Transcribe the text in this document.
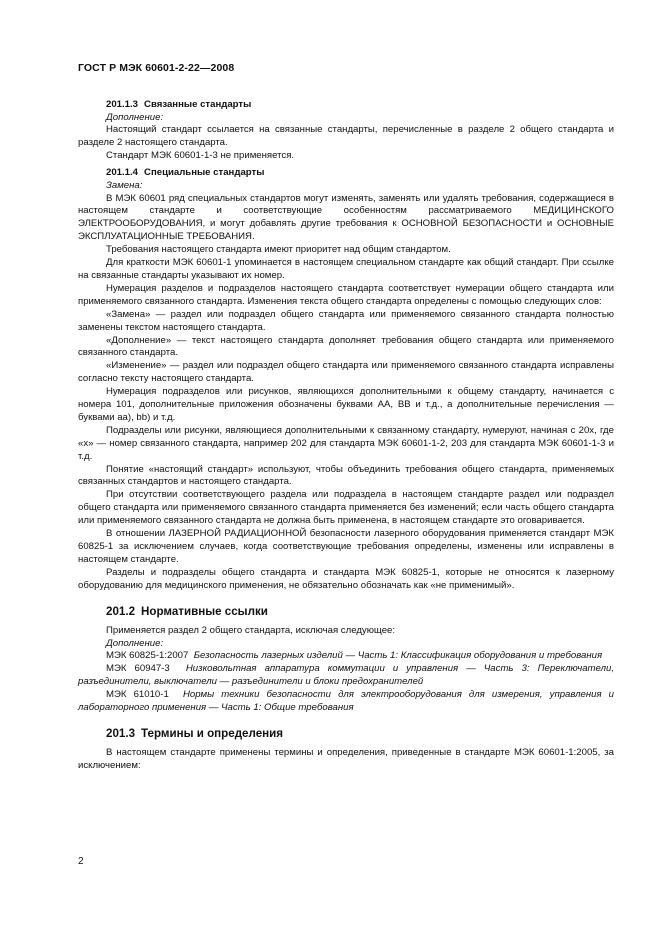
ГОСТ Р МЭК 60601-2-22—2008
201.1.3 Связанные стандарты
Дополнение:

Настоящий стандарт ссылается на связанные стандарты, перечисленные в разделе 2 общего стандарта и разделе 2 настоящего стандарта.

Стандарт МЭК 60601-1-3 не применяется.

201.1.4 Специальные стандарты
Замена:

В МЭК 60601 ряд специальных стандартов могут изменять, заменять или удалять требования, содержащиеся в настоящем стандарте и соответствующие особенностям рассматриваемого МЕДИЦИНСКОГО ЭЛЕКТРООБОРУДОВАНИЯ, и могут добавлять другие требования к ОСНОВНОЙ БЕЗОПАСНОСТИ и ОСНОВНЫЕ ЭКСПЛУАТАЦИОННЫЕ ТРЕБОВАНИЯ.

Требования настоящего стандарта имеют приоритет над общим стандартом.

Для краткости МЭК 60601-1 упоминается в настоящем специальном стандарте как общий стандарт. При ссылке на связанные стандарты указывают их номер.

Нумерация разделов и подразделов настоящего стандарта соответствует нумерации общего стандарта или применяемого связанного стандарта. Изменения текста общего стандарта определены с помощью следующих слов:

«Замена» — раздел или подраздел общего стандарта или применяемого связанного стандарта полностью заменены текстом настоящего стандарта.

«Дополнение» — текст настоящего стандарта дополняет требования общего стандарта или применяемого связанного стандарта.

«Изменение» — раздел или подраздел общего стандарта или применяемого связанного стандарта исправлены согласно тексту настоящего стандарта.

Нумерация подразделов или рисунков, являющихся дополнительными к общему стандарту, начинается с номера 101, дополнительные приложения обозначены буквами АА, ВВ и т.д., а дополнительные перечисления — буквами аа), bb) и т.д.

Подразделы или рисунки, являющиеся дополнительными к связанному стандарту, нумеруют, начиная с 20х, где «х» — номер связанного стандарта, например 202 для стандарта МЭК 60601-1-2, 203 для стандарта МЭК 60601-1-3 и т.д.

Понятие «настоящий стандарт» используют, чтобы объединить требования общего стандарта, применяемых связанных стандартов и настоящего стандарта.

При отсутствии соответствующего раздела или подраздела в настоящем стандарте раздел или подраздел общего стандарта или применяемого связанного стандарта применяется без изменений; если часть общего стандарта или применяемого связанного стандарта не должна быть применена, в настоящем стандарте это оговаривается.

В отношении ЛАЗЕРНОЙ РАДИАЦИОННОЙ безопасности лазерного оборудования применяется стандарт МЭК 60825-1 за исключением случаев, когда соответствующие требования определены, изменены или исправлены в настоящем стандарте.

Разделы и подразделы общего стандарта и стандарта МЭК 60825-1, которые не относятся к лазерному оборудованию для медицинского применения, не обязательно обозначать как «не применимый».

201.2 Нормативные ссылки

Применяется раздел 2 общего стандарта, исключая следующее:

Дополнение:

МЭК 60825-1:2007 Безопасность лазерных изделий — Часть 1: Классификация оборудования и требования

МЭК 60947-3 Низковольтная аппаратура коммутации и управления — Часть 3: Переключатели, разъединители, выключатели — разъединители и блоки предохранителей

МЭК 61010-1 Нормы техники безопасности для электрооборудования для измерения, управления и лабораторного применения — Часть 1: Общие требования

201.3 Термины и определения

В настоящем стандарте применены термины и определения, приведенные в стандарте МЭК 60601-1:2005, за исключением:

2
